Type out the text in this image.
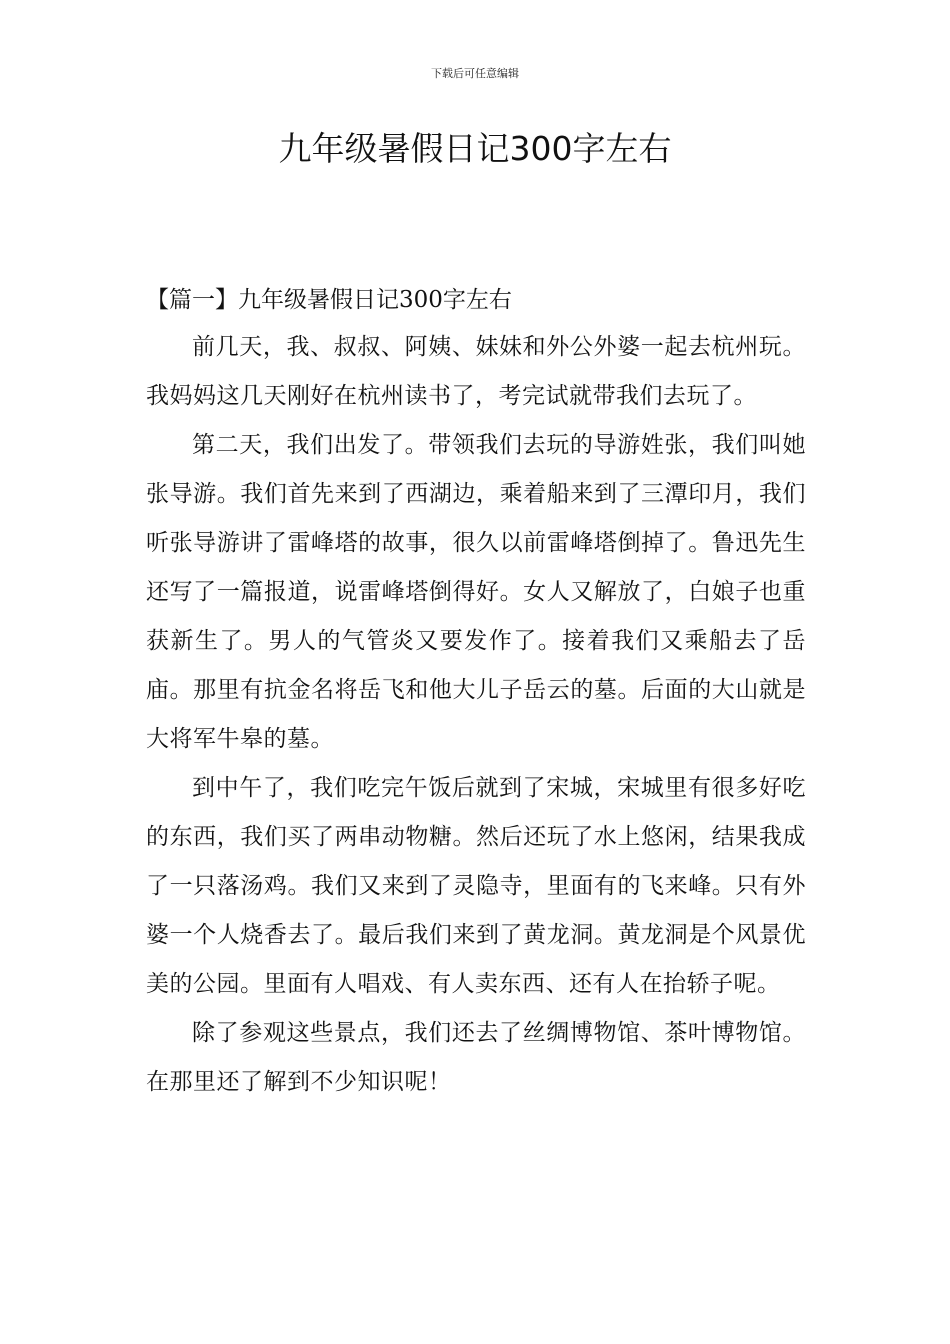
下载后可任意编辑
九年级暑假日记300字左右
【篇一】九年级暑假日记300字左右

前几天，我、叔叔、阿姨、妹妹和外公外婆一起去杭州玩。我妈妈这几天刚好在杭州读书了，考完试就带我们去玩了。

第二天，我们出发了。带领我们去玩的导游姓张，我们叫她张导游。我们首先来到了西湖边，乘着船来到了三潭印月，我们听张导游讲了雷峰塔的故事，很久以前雷峰塔倒掉了。鲁迅先生还写了一篇报道，说雷峰塔倒得好。女人又解放了，白娘子也重获新生了。男人的气管炎又要发作了。接着我们又乘船去了岳庙。那里有抗金名将岳飞和他大儿子岳云的墓。后面的大山就是大将军牛皋的墓。

到中午了，我们吃完午饭后就到了宋城，宋城里有很多好吃的东西，我们买了两串动物糖。然后还玩了水上悠闲，结果我成了一只落汤鸡。我们又来到了灵隐寺，里面有的飞来峰。只有外婆一个人烧香去了。最后我们来到了黄龙洞。黄龙洞是个风景优美的公园。里面有人唱戏、有人卖东西、还有人在抬轿子呢。

除了参观这些景点，我们还去了丝绸博物馆、茶叶博物馆。在那里还了解到不少知识呢！
